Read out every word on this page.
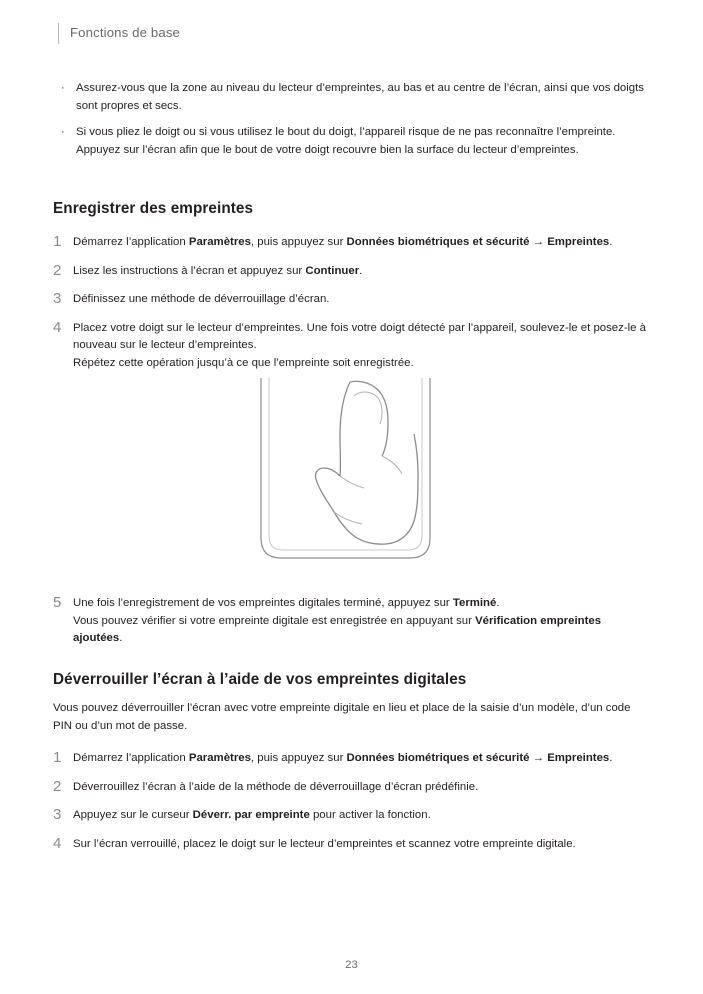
Fonctions de base
· Assurez-vous que la zone au niveau du lecteur d’empreintes, au bas et au centre de l’écran, ainsi que vos doigts sont propres et secs.
· Si vous pliez le doigt ou si vous utilisez le bout du doigt, l’appareil risque de ne pas reconnaître l’empreinte. Appuyez sur l’écran afin que le bout de votre doigt recouvre bien la surface du lecteur d’empreintes.
Enregistrer des empreintes
1	Démarrez l’application Paramètres, puis appuyez sur Données biométriques et sécurité → Empreintes.
2	Lisez les instructions à l’écran et appuyez sur Continuer.
3	Définissez une méthode de déverrouillage d’écran.
4	Placez votre doigt sur le lecteur d’empreintes. Une fois votre doigt détecté par l’appareil, soulevez-le et posez-le à nouveau sur le lecteur d’empreintes.
Répétez cette opération jusqu’à ce que l’empreinte soit enregistrée.
5	Une fois l’enregistrement de vos empreintes digitales terminé, appuyez sur Terminé.
Vous pouvez vérifier si votre empreinte digitale est enregistrée en appuyant sur Vérification empreintes ajoutées.
Déverrouiller l’écran à l’aide de vos empreintes digitales
Vous pouvez déverrouiller l’écran avec votre empreinte digitale en lieu et place de la saisie d’un modèle, d’un code PIN ou d’un mot de passe.
1	Démarrez l’application Paramètres, puis appuyez sur Données biométriques et sécurité → Empreintes.
2	Déverrouillez l’écran à l’aide de la méthode de déverrouillage d’écran prédéfinie.
3	Appuyez sur le curseur Déverr. par empreinte pour activer la fonction.
4	Sur l’écran verrouillé, placez le doigt sur le lecteur d’empreintes et scannez votre empreinte digitale.
23
